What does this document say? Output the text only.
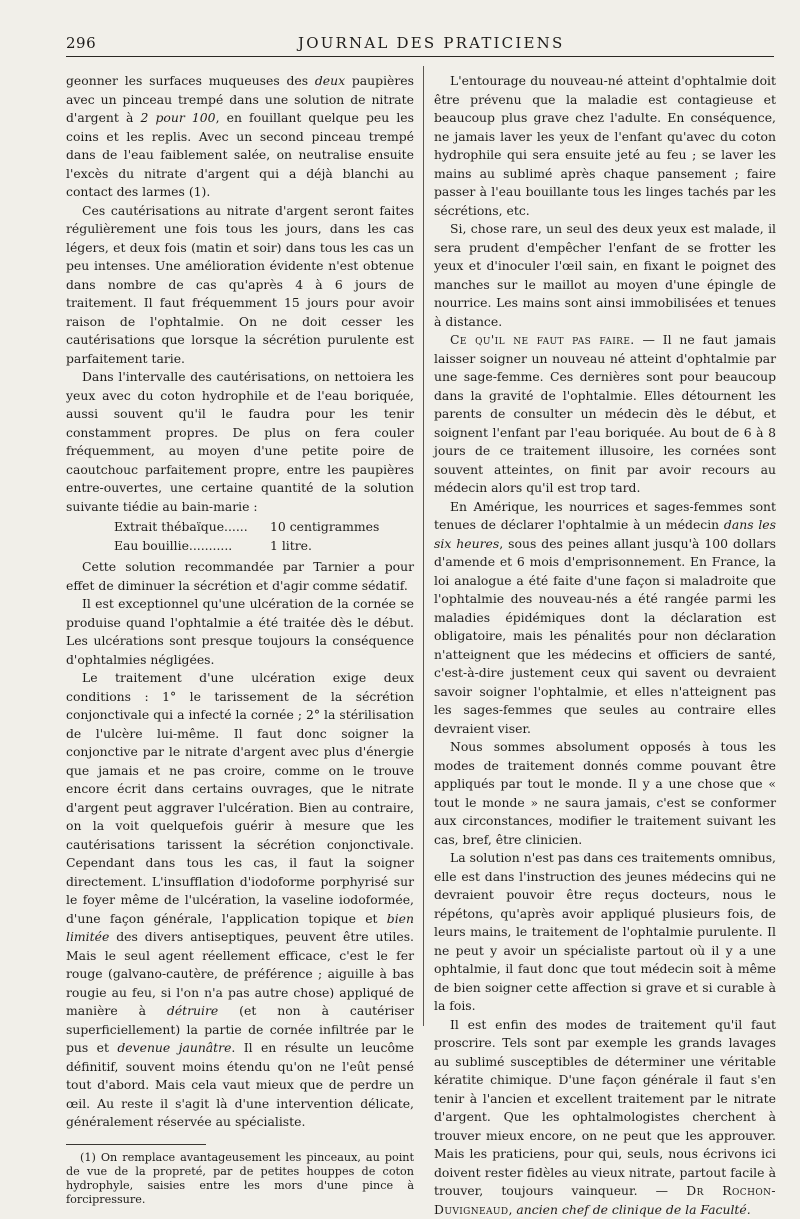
296	JOURNAL DES PRATICIENS

geonner les surfaces muqueuses des deux paupières avec un pinceau trempé dans une solution de nitrate d'argent à 2 pour 100, en fouillant quelque peu les coins et les replis. Avec un second pinceau trempé dans de l'eau faiblement salée, on neutralise ensuite l'excès du nitrate d'argent qui a déjà blanchi au contact des larmes (1).

Ces cautérisations au nitrate d'argent seront faites régulièrement une fois tous les jours, dans les cas légers, et deux fois (matin et soir) dans tous les cas un peu intenses. Une amélioration évidente n'est obtenue dans nombre de cas qu'après 4 à 6 jours de traitement. Il faut fréquemment 15 jours pour avoir raison de l'ophtalmie. On ne doit cesser les cautérisations que lorsque la sécrétion purulente est parfaitement tarie.

Dans l'intervalle des cautérisations, on nettoiera les yeux avec du coton hydrophile et de l'eau boriquée, aussi souvent qu'il le faudra pour les tenir constamment propres. De plus on fera couler fréquemment, au moyen d'une petite poire de caoutchouc parfaitement propre, entre les paupières entre-ouvertes, une certaine quantité de la solution suivante tiédie au bain-marie :

Extrait thébaïque......	10 centigrammes
Eau bouillie...........	1 litre.

Cette solution recommandée par Tarnier a pour effet de diminuer la sécrétion et d'agir comme sédatif.

Il est exceptionnel qu'une ulcération de la cornée se produise quand l'ophtalmie a été traitée dès le début. Les ulcérations sont presque toujours la conséquence d'ophtalmies négligées.

Le traitement d'une ulcération exige deux conditions : 1° le tarissement de la sécrétion conjonctivale qui a infecté la cornée ; 2° la stérilisation de l'ulcère lui-même. Il faut donc soigner la conjonctive par le nitrate d'argent avec plus d'énergie que jamais et ne pas croire, comme on le trouve encore écrit dans certains ouvrages, que le nitrate d'argent peut aggraver l'ulcération. Bien au contraire, on la voit quelquefois guérir à mesure que les cautérisations tarissent la sécrétion conjonctivale. Cependant dans tous les cas, il faut la soigner directement. L'insufflation d'iodoforme porphyrisé sur le foyer même de l'ulcération, la vaseline iodoformée, d'une façon générale, l'application topique et bien limitée des divers antiseptiques, peuvent être utiles. Mais le seul agent réellement efficace, c'est le fer rouge (galvano-cautère, de préférence ; aiguille à bas rougie au feu, si l'on n'a pas autre chose) appliqué de manière à détruire (et non à cautériser superficiellement) la partie de cornée infiltrée par le pus et devenue jaunâtre. Il en résulte un leucôme définitif, souvent moins étendu qu'on ne l'eût pensé tout d'abord. Mais cela vaut mieux que de perdre un œil. Au reste il s'agit là d'une intervention délicate, généralement réservée au spécialiste.

(1) On remplace avantageusement les pinceaux, au point de vue de la propreté, par de petites houppes de coton hydrophyle, saisies entre les mors d'une pince à forcipressure.

L'entourage du nouveau-né atteint d'ophtalmie doit être prévenu que la maladie est contagieuse et beaucoup plus grave chez l'adulte. En conséquence, ne jamais laver les yeux de l'enfant qu'avec du coton hydrophile qui sera ensuite jeté au feu ; se laver les mains au sublimé après chaque pansement ; faire passer à l'eau bouillante tous les linges tachés par les sécrétions, etc.

Si, chose rare, un seul des deux yeux est malade, il sera prudent d'empêcher l'enfant de se frotter les yeux et d'inoculer l'œil sain, en fixant le poignet des manches sur le maillot au moyen d'une épingle de nourrice. Les mains sont ainsi immobilisées et tenues à distance.

Ce qu'il ne faut pas faire. — Il ne faut jamais laisser soigner un nouveau né atteint d'ophtalmie par une sage-femme. Ces dernières sont pour beaucoup dans la gravité de l'ophtalmie. Elles détournent les parents de consulter un médecin dès le début, et soignent l'enfant par l'eau boriquée. Au bout de 6 à 8 jours de ce traitement illusoire, les cornées sont souvent atteintes, on finit par avoir recours au médecin alors qu'il est trop tard.

En Amérique, les nourrices et sages-femmes sont tenues de déclarer l'ophtalmie à un médecin dans les six heures, sous des peines allant jusqu'à 100 dollars d'amende et 6 mois d'emprisonnement. En France, la loi analogue a été faite d'une façon si maladroite que l'ophtalmie des nouveau-nés a été rangée parmi les maladies épidémiques dont la déclaration est obligatoire, mais les pénalités pour non déclaration n'atteignent que les médecins et officiers de santé, c'est-à-dire justement ceux qui savent ou devraient savoir soigner l'ophtalmie, et elles n'atteignent pas les sages-femmes que seules au contraire elles devraient viser.

Nous sommes absolument opposés à tous les modes de traitement donnés comme pouvant être appliqués par tout le monde. Il y a une chose que « tout le monde » ne saura jamais, c'est se conformer aux circonstances, modifier le traitement suivant les cas, bref, être clinicien.

La solution n'est pas dans ces traitements omnibus, elle est dans l'instruction des jeunes médecins qui ne devraient pouvoir être reçus docteurs, nous le répétons, qu'après avoir appliqué plusieurs fois, de leurs mains, le traitement de l'ophtalmie purulente. Il ne peut y avoir un spécialiste partout où il y a une ophtalmie, il faut donc que tout médecin soit à même de bien soigner cette affection si grave et si curable à la fois.

Il est enfin des modes de traitement qu'il faut proscrire. Tels sont par exemple les grands lavages au sublimé susceptibles de déterminer une véritable kératite chimique. D'une façon générale il faut s'en tenir à l'ancien et excellent traitement par le nitrate d'argent. Que les ophtalmologistes cherchent à trouver mieux encore, on ne peut que les approuver. Mais les praticiens, pour qui, seuls, nous écrivons ici doivent rester fidèles au vieux nitrate, partout facile à trouver, toujours vainqueur. — Dr Rochon-Duvigneaud, ancien chef de clinique de la Faculté.
